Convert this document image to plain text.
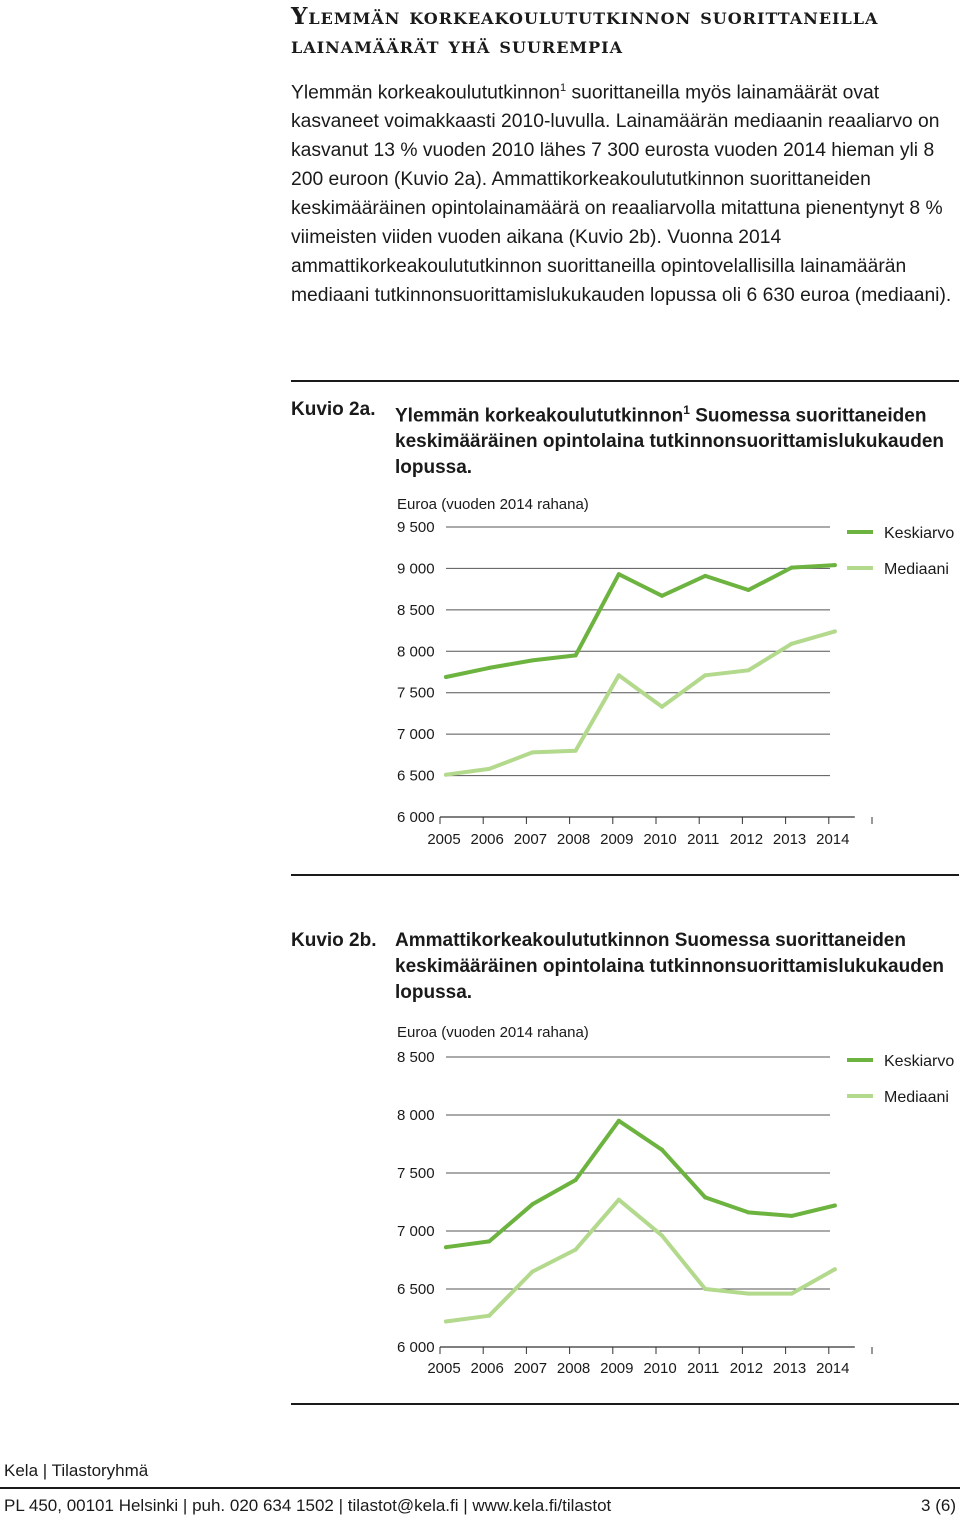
Ylemmän korkeakoulututkinnon suorittaneilla
lainamäärät yhä suurempia
Ylemmän korkeakoulututkinnon$^1$ suorittaneilla myös lainamäärät ovat kasvaneet voimakkaasti 2010-luvulla. Lainamäärän mediaanin reaaliarvo on kasvanut 13 % vuoden 2010 lähes 7 300 eurosta vuoden 2014 hieman yli 8 200 euroon (Kuvio 2a). Ammattikorkeakoulututkinnon suorittaneiden keskimääräinen opintolainamäärä on reaaliarvolla mitattuna pienentynyt 8 % viimeisten viiden vuoden aikana (Kuvio 2b). Vuonna 2014 ammattikorkeakoulututkinnon suorittaneilla opintovelallisilla lainamäärän mediaani tutkinnonsuorittamislukukauden lopussa oli 6 630 euroa (mediaani).
Kuvio 2a.	Ylemmän korkeakoulututkinnon$^1$ Suomessa suorittaneiden keskimääräinen opintolaina tutkinnonsuorittamislukukauden lopussa.
Euroa (vuoden 2014 rahana)
6 000
6 500
7 000
7 500
8 000
8 500
9 000
9 500
2005 2006 2007 2008 2009 2010 2011 2012 2013 2014
Keskiarvo
Mediaani
Kuvio 2b. Ammattikorkeakoulututkinnon Suomessa suorittaneiden keskimääräinen opintolaina tutkinnonsuorittamislukukauden lopussa.
Euroa (vuoden 2014 rahana)
6 000
6 500
7 000
7 500
8 000
8 500
2005 2006 2007 2008 2009 2010 2011 2012 2013 2014
Keskiarvo
Mediaani
Kela | Tilastoryhmä
PL 450, 00101 Helsinki | puh. 020 634 1502 | tilastot@kela.fi | www.kela.fi/tilastot	3 (6)
